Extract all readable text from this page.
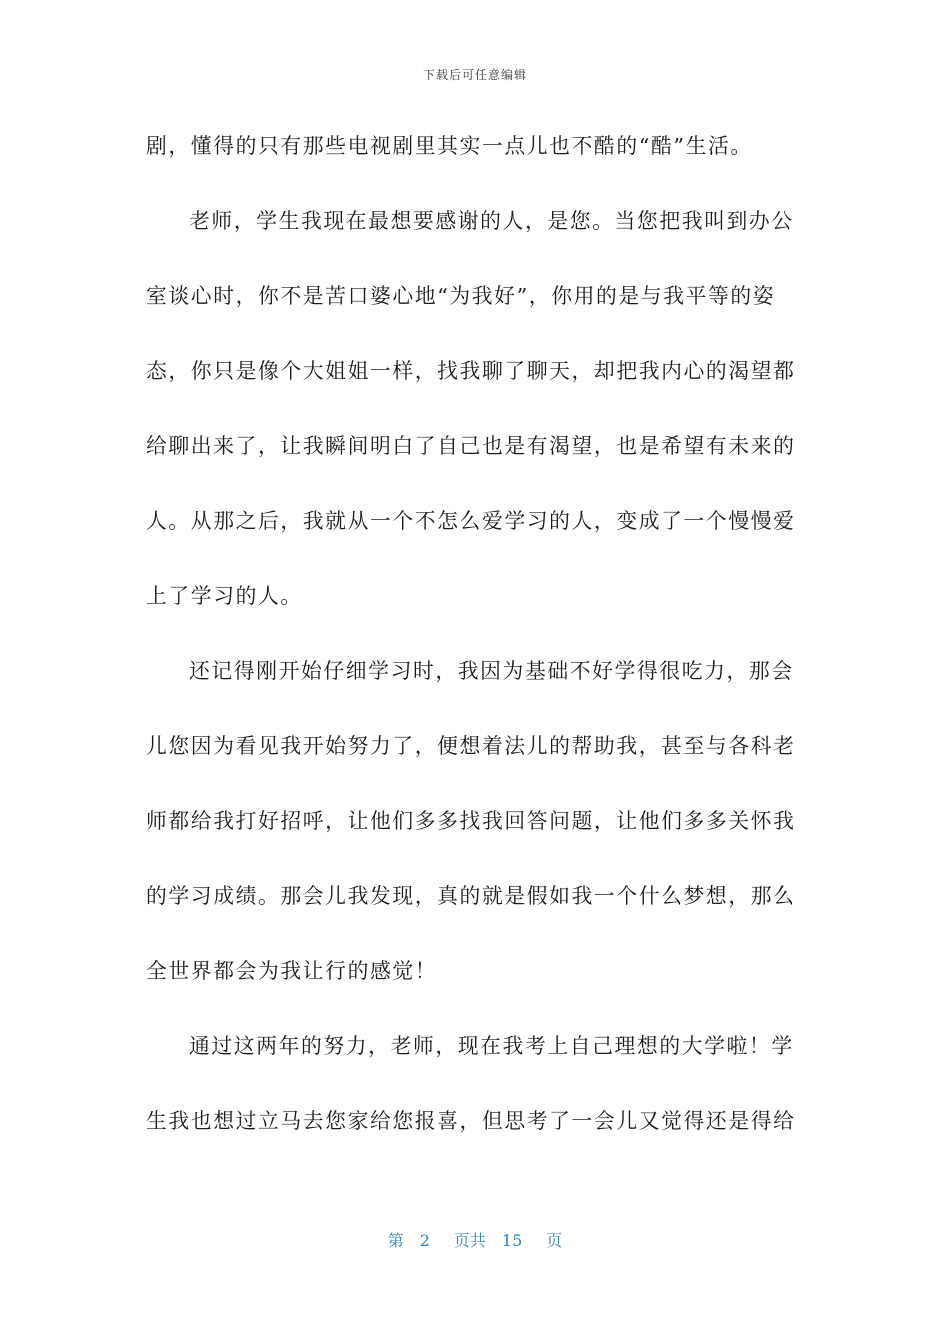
下载后可任意编辑
剧，懂得的只有那些电视剧里其实一点儿也不酷的“酷”生活。
老师，学生我现在最想要感谢的人，是您。当您把我叫到办公
室谈心时，你不是苦口婆心地“为我好”，你用的是与我平等的姿
态，你只是像个大姐姐一样，找我聊了聊天，却把我内心的渴望都
给聊出来了，让我瞬间明白了自己也是有渴望，也是希望有未来的
人。从那之后，我就从一个不怎么爱学习的人，变成了一个慢慢爱
上了学习的人。
还记得刚开始仔细学习时，我因为基础不好学得很吃力，那会
儿您因为看见我开始努力了，便想着法儿的帮助我，甚至与各科老
师都给我打好招呼，让他们多多找我回答问题，让他们多多关怀我
的学习成绩。那会儿我发现，真的就是假如我一个什么梦想，那么
全世界都会为我让行的感觉！
通过这两年的努力，老师，现在我考上自己理想的大学啦！学
生我也想过立马去您家给您报喜，但思考了一会儿又觉得还是得给
第 2 页共 15 页
